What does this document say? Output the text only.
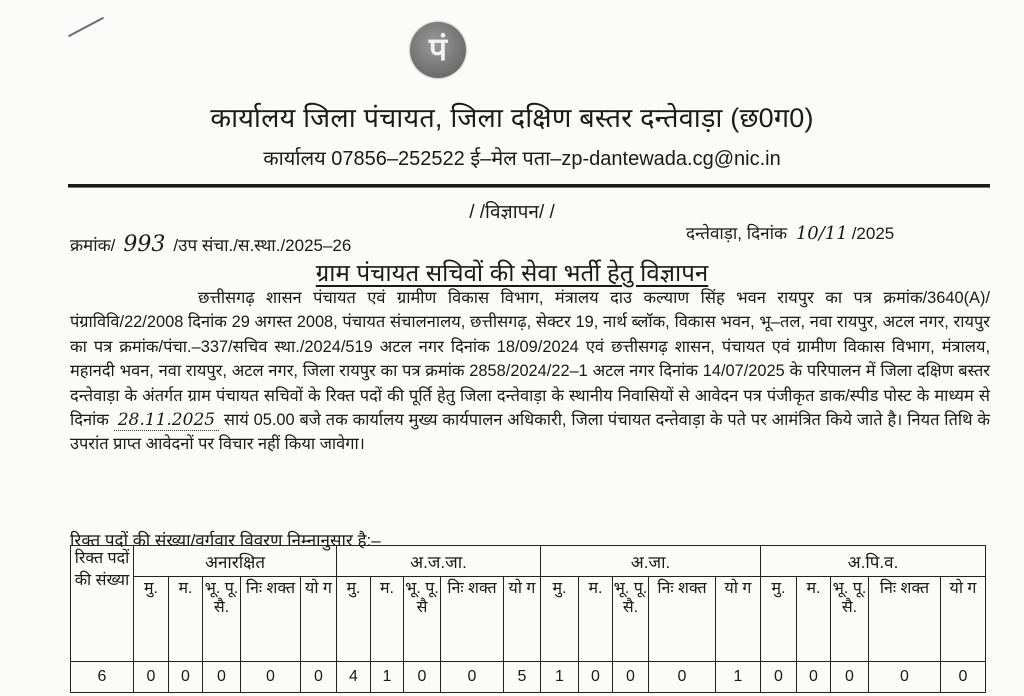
पं
कार्यालय जिला पंचायत, जिला दक्षिण बस्तर दन्तेवाड़ा (छ0ग0)
कार्यालय 07856–252522 ई–मेल पता–zp-dantewada.cg@nic.in
/ /विज्ञापन/ /
क्रमांक/ 993 /उप संचा./स.स्था./2025–26
दन्तेवाड़ा, दिनांक 10/11 /2025
ग्राम पंचायत सचिवों की सेवा भर्ती हेतु विज्ञापन
छत्तीसगढ़ शासन पंचायत एवं ग्रामीण विकास विभाग, मंत्रालय दाउ कल्याण सिंह भवन रायपुर का पत्र क्रमांक/3640(A)/पंग्राविवि/22/2008 दिनांक 29 अगस्त 2008, पंचायत संचालनालय, छत्तीसगढ़, सेक्टर 19, नार्थ ब्लॉक, विकास भवन, भू–तल, नवा रायपुर, अटल नगर, रायपुर का पत्र क्रमांक/पंचा.–337/सचिव स्था./2024/519 अटल नगर दिनांक 18/09/2024 एवं छत्तीसगढ़ शासन, पंचायत एवं ग्रामीण विकास विभाग, मंत्रालय, महानदी भवन, नवा रायपुर, अटल नगर, जिला रायपुर का पत्र क्रमांक 2858/2024/22–1 अटल नगर दिनांक 14/07/2025 के परिपालन में जिला दक्षिण बस्तर दन्तेवाड़ा के अंतर्गत ग्राम पंचायत सचिवों के रिक्त पदों की पूर्ति हेतु जिला दन्तेवाड़ा के स्थानीय निवासियों से आवेदन पत्र पंजीकृत डाक/स्पीड पोस्ट के माध्यम से दिनांक 28.11.2025 सायं 05.00 बजे तक कार्यालय मुख्य कार्यपालन अधिकारी, जिला पंचायत दन्तेवाड़ा के पते पर आमंत्रित किये जाते है। नियत तिथि के उपरांत प्राप्त आवेदनों पर विचार नहीं किया जावेगा।
रिक्त पदों की संख्या/वर्गवार विवरण निम्नानुसार है:–
रिक्त पदों की संख्या	अनारक्षित					अ.ज.जा.					अ.जा.					अ.पि.व.				
	मु.	म.	भू. पू. सै.	निः शक्त	यो ग	मु.	म.	भू. पू. सै	निः शक्त	यो ग	मु.	म.	भू. पू. सै.	निः शक्त	यो ग	मु.	म.	भू. पू. सै.	निः शक्त	यो ग
6	0	0	0	0	0	4	1	0	0	5	1	0	0	0	1	0	0	0	0	0
